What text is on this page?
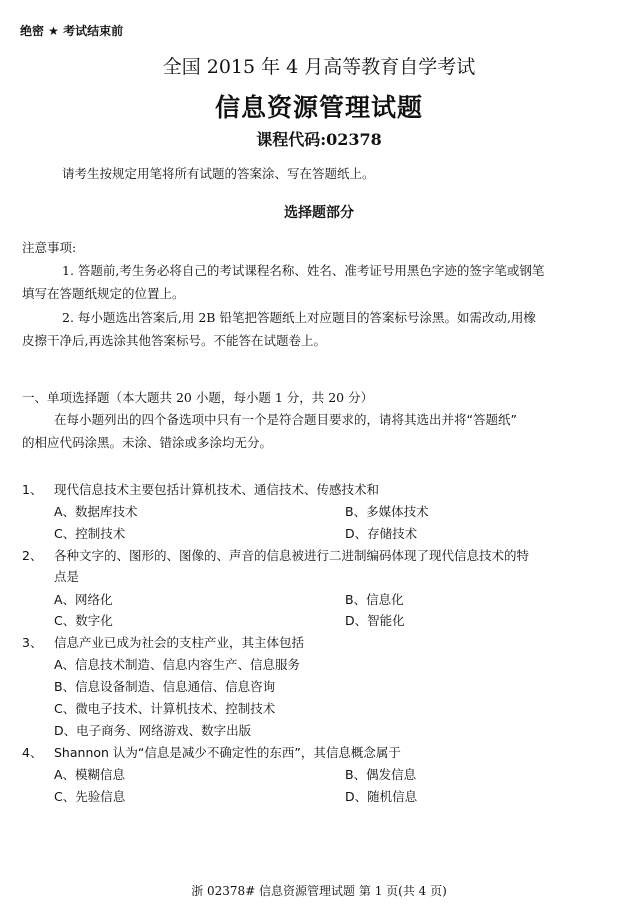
绝密 ★ 考试结束前
全国 2015 年 4 月高等教育自学考试
信息资源管理试题
课程代码:02378
请考生按规定用笔将所有试题的答案涂、写在答题纸上。
选择题部分
注意事项:
1. 答题前,考生务必将自己的考试课程名称、姓名、准考证号用黑色字迹的签字笔或钢笔
填写在答题纸规定的位置上。
2. 每小题选出答案后,用 2B 铅笔把答题纸上对应题目的答案标号涂黑。如需改动,用橡
皮擦干净后,再选涂其他答案标号。不能答在试题卷上。
一、单项选择题（本大题共 20 小题，每小题 1 分，共 20 分）
在每小题列出的四个备选项中只有一个是符合题目要求的，请将其选出并将“答题纸”
的相应代码涂黑。未涂、错涂或多涂均无分。
1、 现代信息技术主要包括计算机技术、通信技术、传感技术和
A、数据库技术	B、多媒体技术
C、控制技术	D、存储技术
2、 各种文字的、图形的、图像的、声音的信息被进行二进制编码体现了现代信息技术的特
点是
A、网络化	B、信息化
C、数字化	D、智能化
3、 信息产业已成为社会的支柱产业，其主体包括
A、信息技术制造、信息内容生产、信息服务
B、信息设备制造、信息通信、信息咨询
C、微电子技术、计算机技术、控制技术
D、电子商务、网络游戏、数字出版
4、 Shannon 认为“信息是减少不确定性的东西”，其信息概念属于
A、模糊信息	B、偶发信息
C、先验信息	D、随机信息
浙 02378# 信息资源管理试题 第 1 页(共 4 页)
